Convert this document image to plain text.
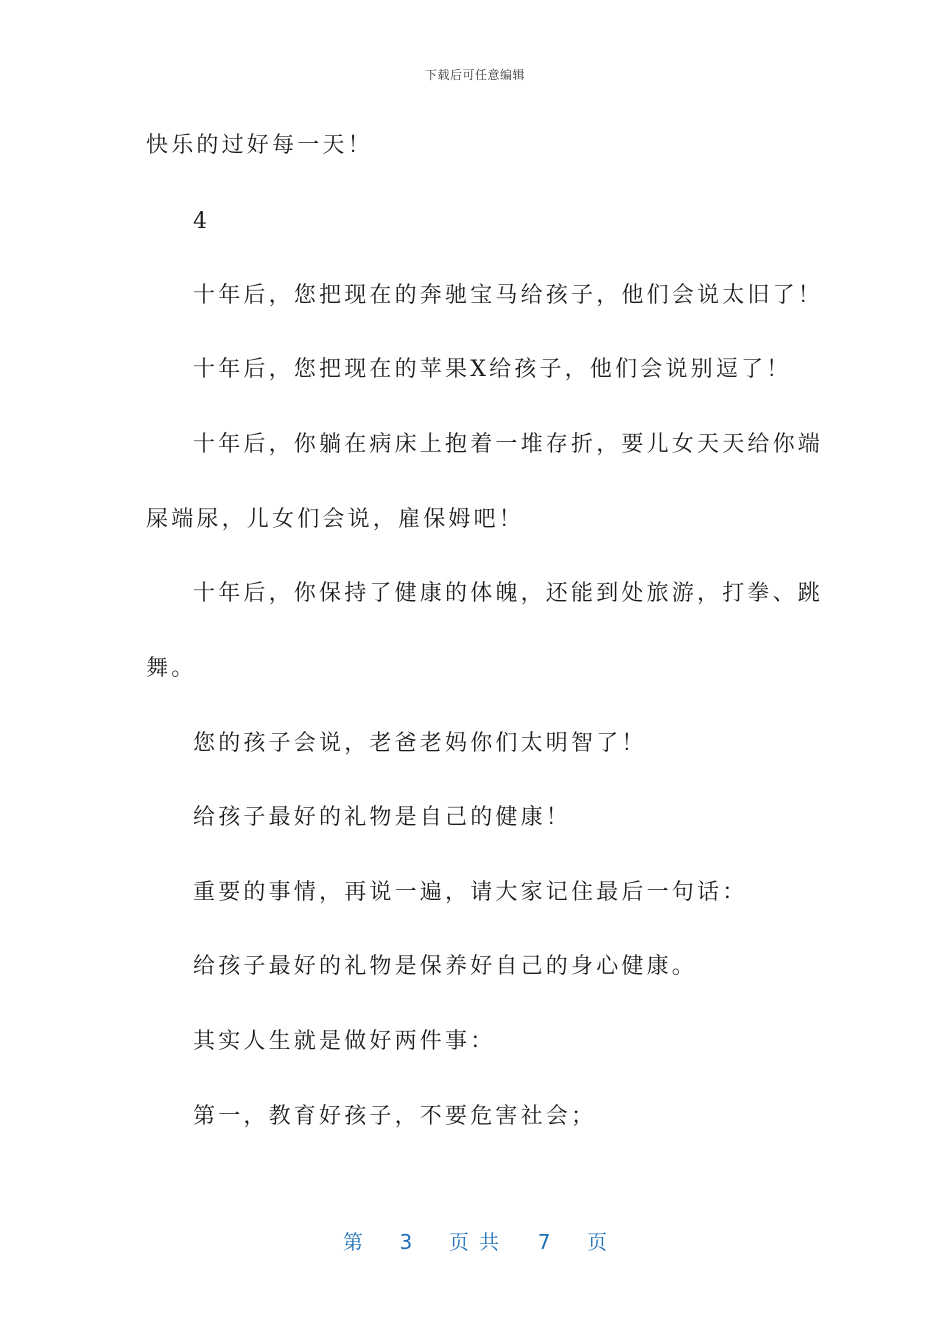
下载后可任意编辑
快乐的过好每一天！
4
十年后，您把现在的奔驰宝马给孩子，他们会说太旧了！
十年后，您把现在的苹果X给孩子，他们会说别逗了！
十年后，你躺在病床上抱着一堆存折，要儿女天天给你端
屎端尿，儿女们会说，雇保姆吧！
十年后，你保持了健康的体魄，还能到处旅游，打拳、跳
舞。
您的孩子会说，老爸老妈你们太明智了！
给孩子最好的礼物是自己的健康！
重要的事情，再说一遍，请大家记住最后一句话：
给孩子最好的礼物是保养好自己的身心健康。
其实人生就是做好两件事：
第一，教育好孩子，不要危害社会；
第 3 页共 7 页
